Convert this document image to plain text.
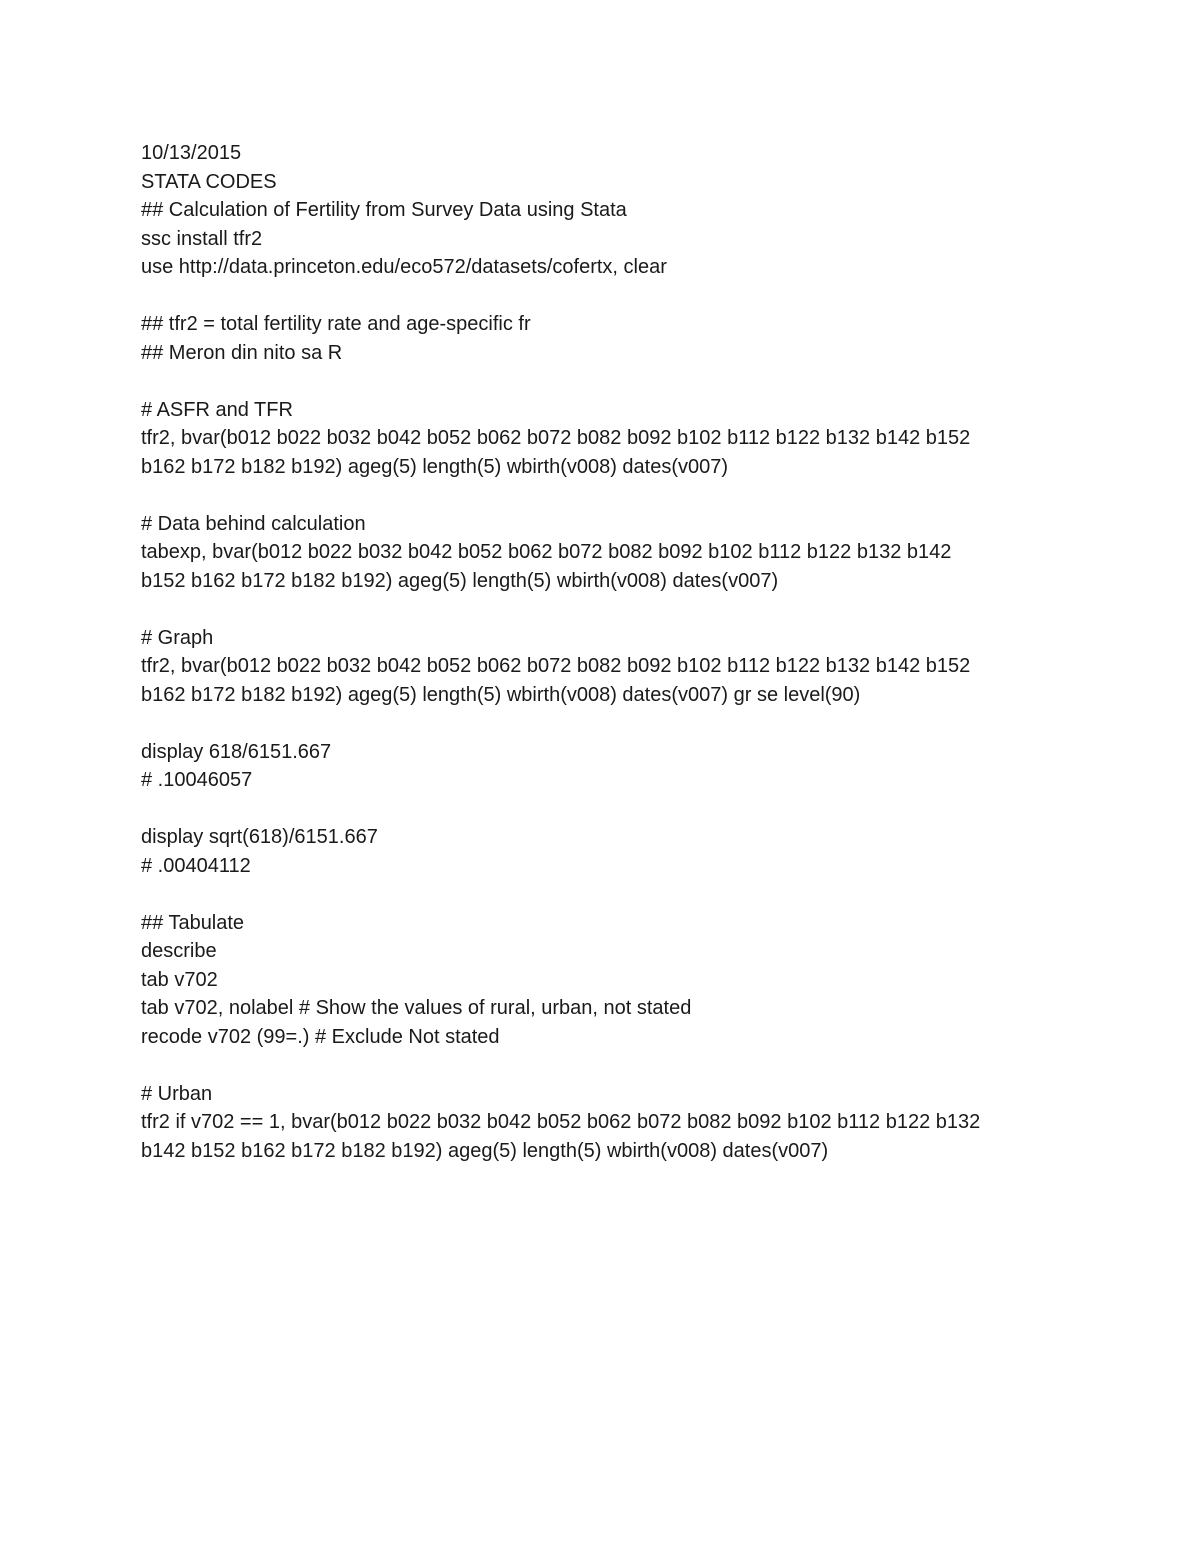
10/13/2015

STATA CODES

## Calculation of Fertility from Survey Data using Stata

ssc install tfr2

use http://data.princeton.edu/eco572/datasets/cofertx, clear

## tfr2 = total fertility rate and age-specific fr

## Meron din nito sa R

# ASFR and TFR

tfr2, bvar(b012 b022 b032 b042 b052 b062 b072 b082 b092 b102 b112 b122 b132 b142 b152

b162 b172 b182 b192) ageg(5) length(5) wbirth(v008) dates(v007)

# Data behind calculation

tabexp, bvar(b012 b022 b032 b042 b052 b062 b072 b082 b092 b102 b112 b122 b132 b142

b152 b162 b172 b182 b192) ageg(5) length(5) wbirth(v008) dates(v007)

# Graph

tfr2, bvar(b012 b022 b032 b042 b052 b062 b072 b082 b092 b102 b112 b122 b132 b142 b152

b162 b172 b182 b192) ageg(5) length(5) wbirth(v008) dates(v007) gr se level(90)

display 618/6151.667

# .10046057

display sqrt(618)/6151.667

# .00404112

## Tabulate

describe

tab v702

tab v702, nolabel # Show the values of rural, urban, not stated

recode v702 (99=.) # Exclude Not stated

# Urban

tfr2 if v702 == 1, bvar(b012 b022 b032 b042 b052 b062 b072 b082 b092 b102 b112 b122 b132

b142 b152 b162 b172 b182 b192) ageg(5) length(5) wbirth(v008) dates(v007)
